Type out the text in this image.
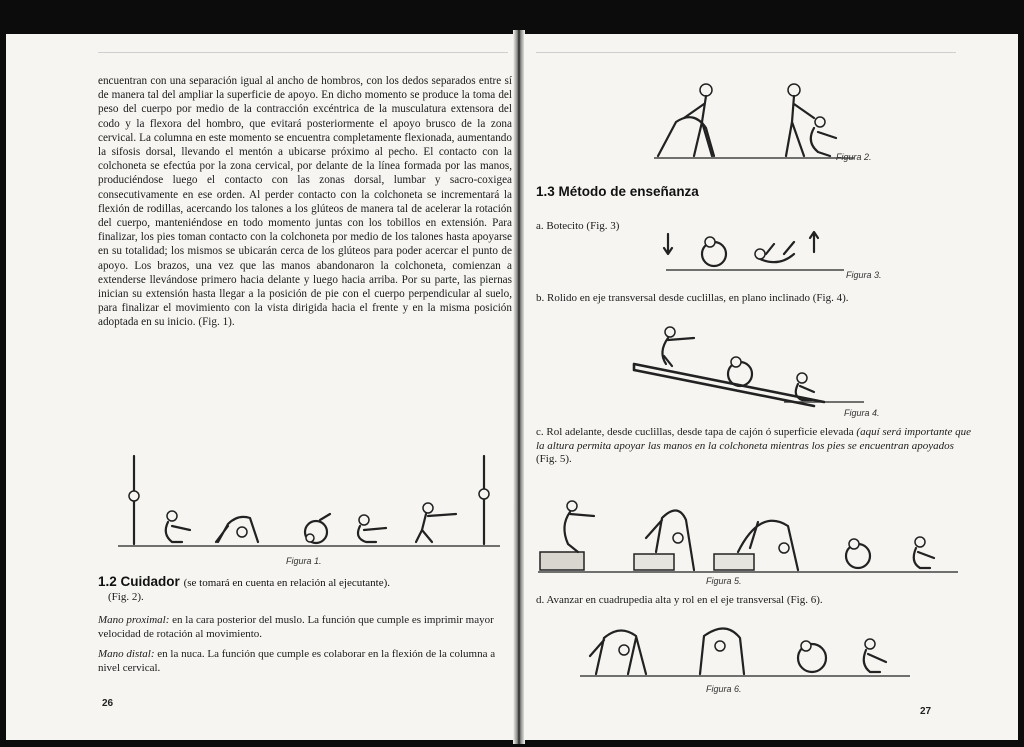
encuentran con una separación igual al ancho de hombros, con los dedos separados entre sí de manera tal del ampliar la superficie de apoyo. En dicho momento se produce la toma del peso del cuerpo por medio de la contracción excéntrica de la musculatura extensora del codo y la flexora del hombro, que evitará posteriormente el apoyo brusco de la zona cervical. La columna en este momento se encuentra completamente flexionada, aumentando la sifosis dorsal, llevando el mentón a ubicarse próximo al pecho. El contacto con la colchoneta se efectúa por la zona cervical, por delante de la línea formada por las manos, produciéndose luego el contacto con las zonas dorsal, lumbar y sacro-coxigea consecutivamente en ese orden. Al perder contacto con la colchoneta se incrementará la flexión de rodillas, acercando los talones a los glúteos de manera tal de acelerar la rotación del cuerpo, manteniéndose en todo momento juntas con los tobillos en extensión. Para finalizar, los pies toman contacto con la colchoneta por medio de los talones hasta apoyarse en su totalidad; los mismos se ubicarán cerca de los glúteos para poder acercar el punto de apoyo. Los brazos, una vez que las manos abandonaron la colchoneta, comienzan a extenderse llevándose primero hacia delante y luego hacia arriba. Por su parte, las piernas inician su extensión hasta llegar a la posición de pie con el cuerpo perpendicular al suelo, para finalizar el movimiento con la vista dirigida hacia el frente y en la misma posición adoptada en su inicio. (Fig. 1).

Figura 1.
1.2 Cuidador (se tomará en cuenta en relación al ejecutante).
(Fig. 2).
Mano proximal: en la cara posterior del muslo. La función que cumple es imprimir mayor velocidad de rotación al movimiento.
Mano distal: en la nuca. La función que cumple es colaborar en la flexión de la columna a nivel cervical.
26
Figura 2.
1.3 Método de enseñanza
a. Botecito (Fig. 3)
Figura 3.
b. Rolido en eje transversal desde cuclillas, en plano inclinado (Fig. 4).
Figura 4.
c. Rol adelante, desde cuclillas, desde tapa de cajón ó superficie elevada (aquí será importante que la altura permita apoyar las manos en la colchoneta mientras los pies se encuentran apoyados (Fig. 5).
Figura 5.
d. Avanzar en cuadrupedia alta y rol en el eje transversal (Fig. 6).
Figura 6.
27
